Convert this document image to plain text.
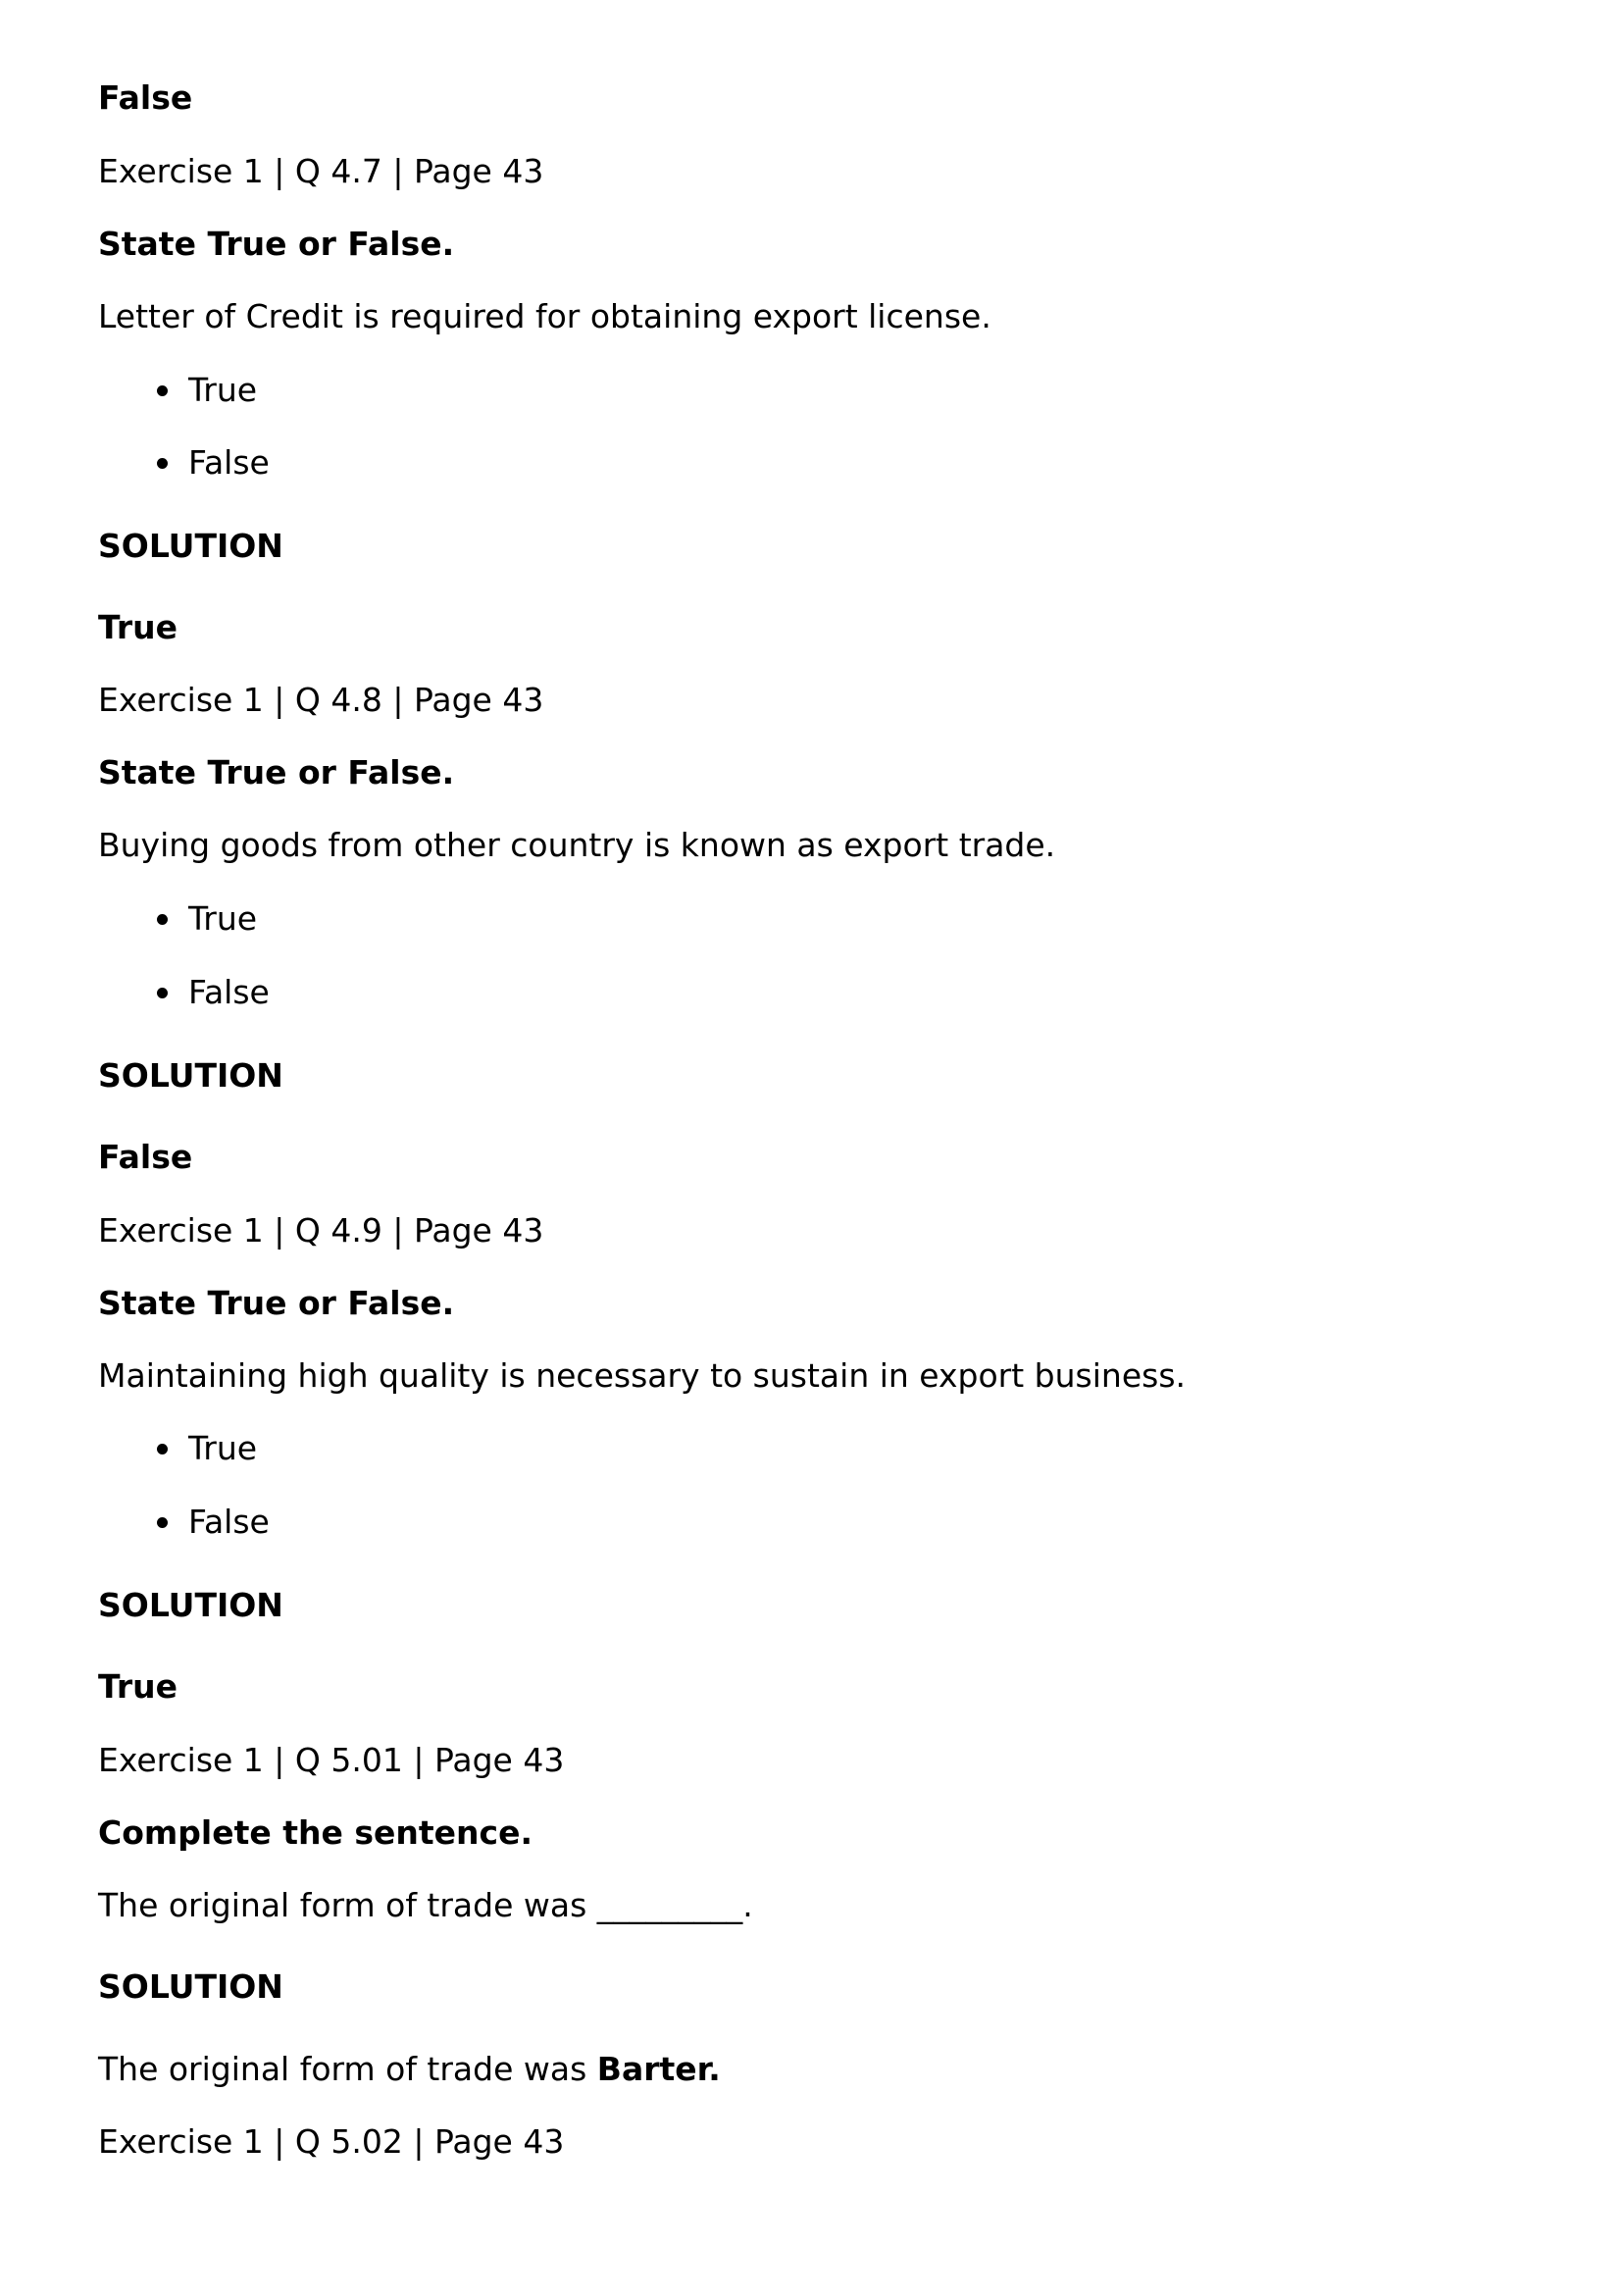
False

Exercise 1 | Q 4.7 | Page 43

State True or False.

Letter of Credit is required for obtaining export license.

True
False

SOLUTION

True

Exercise 1 | Q 4.8 | Page 43

State True or False.

Buying goods from other country is known as export trade.

True
False

SOLUTION

False

Exercise 1 | Q 4.9 | Page 43

State True or False.

Maintaining high quality is necessary to sustain in export business.

True
False

SOLUTION

True

Exercise 1 | Q 5.01 | Page 43

Complete the sentence.

The original form of trade was _________.

SOLUTION

The original form of trade was Barter.

Exercise 1 | Q 5.02 | Page 43
